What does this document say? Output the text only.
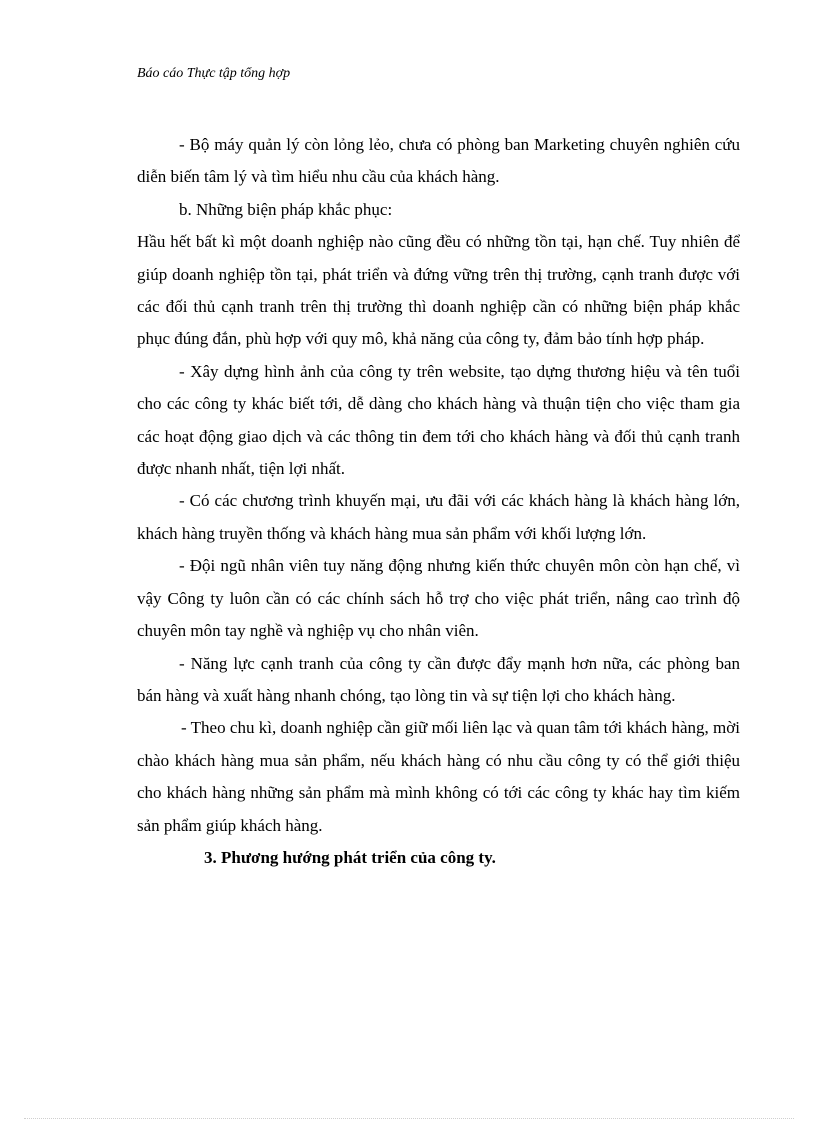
Báo cáo Thực tập tổng hợp

- Bộ máy quản lý còn lỏng lẻo, chưa có phòng ban Marketing chuyên nghiên cứu diễn biến tâm lý và tìm hiểu nhu cầu của khách hàng.

b. Những biện pháp khắc phục:

Hầu hết bất kì một doanh nghiệp nào cũng đều có những tồn tại, hạn chế. Tuy nhiên để giúp doanh nghiệp tồn tại, phát triển và đứng vững trên thị trường, cạnh tranh được với các đối thủ cạnh tranh trên thị trường thì doanh nghiệp cần có những biện pháp khắc phục đúng đắn, phù hợp với quy mô, khả năng của công ty, đảm bảo tính hợp pháp.

- Xây dựng hình ảnh của công ty trên website, tạo dựng thương hiệu và tên tuổi cho các công ty khác biết tới, dễ dàng cho khách hàng và thuận tiện cho việc tham gia các hoạt động giao dịch và các thông tin đem tới cho khách hàng và đối thủ cạnh tranh được nhanh nhất, tiện lợi nhất.

- Có các chương trình khuyến mại, ưu đãi với các khách hàng là khách hàng lớn, khách hàng truyền thống và khách hàng mua sản phẩm với khối lượng lớn.

- Đội ngũ nhân viên tuy năng động nhưng kiến thức chuyên môn còn hạn chế, vì vậy Công ty luôn cần có các chính sách hỗ trợ cho việc phát triển, nâng cao trình độ chuyên môn tay nghề và nghiệp vụ cho nhân viên.

- Năng lực cạnh tranh của công ty cần được đẩy mạnh hơn nữa, các phòng ban bán hàng và xuất hàng nhanh chóng, tạo lòng tin và sự tiện lợi cho khách hàng.

- Theo chu kì, doanh nghiệp cần giữ mối liên lạc và quan tâm tới khách hàng, mời chào khách hàng mua sản phẩm, nếu khách hàng có nhu cầu công ty có thể giới thiệu cho khách hàng những sản phẩm mà mình không có tới các công ty khác hay tìm kiếm sản phẩm giúp khách hàng.

3. Phương hướng phát triển của công ty.
